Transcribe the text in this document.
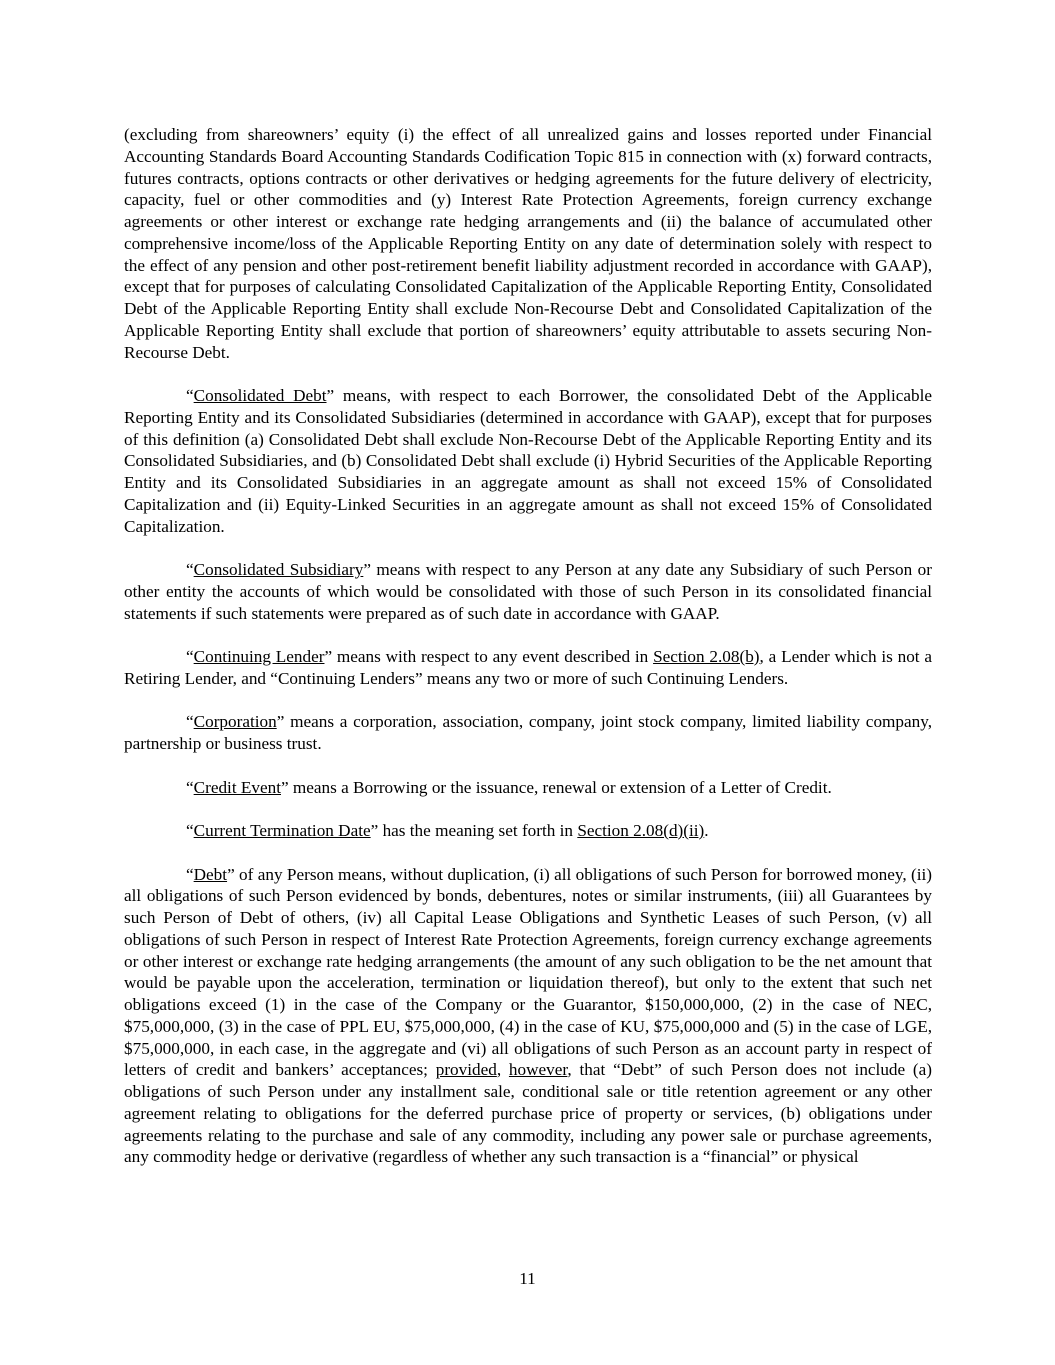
(excluding from shareowners’ equity (i) the effect of all unrealized gains and losses reported under Financial Accounting Standards Board Accounting Standards Codification Topic 815 in connection with (x) forward contracts, futures contracts, options contracts or other derivatives or hedging agreements for the future delivery of electricity, capacity, fuel or other commodities and (y) Interest Rate Protection Agreements, foreign currency exchange agreements or other interest or exchange rate hedging arrangements and (ii) the balance of accumulated other comprehensive income/loss of the Applicable Reporting Entity on any date of determination solely with respect to the effect of any pension and other post-retirement benefit liability adjustment recorded in accordance with GAAP), except that for purposes of calculating Consolidated Capitalization of the Applicable Reporting Entity, Consolidated Debt of the Applicable Reporting Entity shall exclude Non-Recourse Debt and Consolidated Capitalization of the Applicable Reporting Entity shall exclude that portion of shareowners’ equity attributable to assets securing Non-Recourse Debt.

“Consolidated Debt” means, with respect to each Borrower, the consolidated Debt of the Applicable Reporting Entity and its Consolidated Subsidiaries (determined in accordance with GAAP), except that for purposes of this definition (a) Consolidated Debt shall exclude Non-Recourse Debt of the Applicable Reporting Entity and its Consolidated Subsidiaries, and (b) Consolidated Debt shall exclude (i) Hybrid Securities of the Applicable Reporting Entity and its Consolidated Subsidiaries in an aggregate amount as shall not exceed 15% of Consolidated Capitalization and (ii) Equity-Linked Securities in an aggregate amount as shall not exceed 15% of Consolidated Capitalization.

“Consolidated Subsidiary” means with respect to any Person at any date any Subsidiary of such Person or other entity the accounts of which would be consolidated with those of such Person in its consolidated financial statements if such statements were prepared as of such date in accordance with GAAP.

“Continuing Lender” means with respect to any event described in Section 2.08(b), a Lender which is not a Retiring Lender, and “Continuing Lenders” means any two or more of such Continuing Lenders.

“Corporation” means a corporation, association, company, joint stock company, limited liability company, partnership or business trust.

“Credit Event” means a Borrowing or the issuance, renewal or extension of a Letter of Credit.

“Current Termination Date” has the meaning set forth in Section 2.08(d)(ii).

“Debt” of any Person means, without duplication, (i) all obligations of such Person for borrowed money, (ii) all obligations of such Person evidenced by bonds, debentures, notes or similar instruments, (iii) all Guarantees by such Person of Debt of others, (iv) all Capital Lease Obligations and Synthetic Leases of such Person, (v) all obligations of such Person in respect of Interest Rate Protection Agreements, foreign currency exchange agreements or other interest or exchange rate hedging arrangements (the amount of any such obligation to be the net amount that would be payable upon the acceleration, termination or liquidation thereof), but only to the extent that such net obligations exceed (1) in the case of the Company or the Guarantor, $150,000,000, (2) in the case of NEC, $75,000,000, (3) in the case of PPL EU, $75,000,000, (4) in the case of KU, $75,000,000 and (5) in the case of LGE, $75,000,000, in each case, in the aggregate and (vi) all obligations of such Person as an account party in respect of letters of credit and bankers’ acceptances; provided, however, that “Debt” of such Person does not include (a) obligations of such Person under any installment sale, conditional sale or title retention agreement or any other agreement relating to obligations for the deferred purchase price of property or services, (b) obligations under agreements relating to the purchase and sale of any commodity, including any power sale or purchase agreements, any commodity hedge or derivative (regardless of whether any such transaction is a “financial” or physical

11
